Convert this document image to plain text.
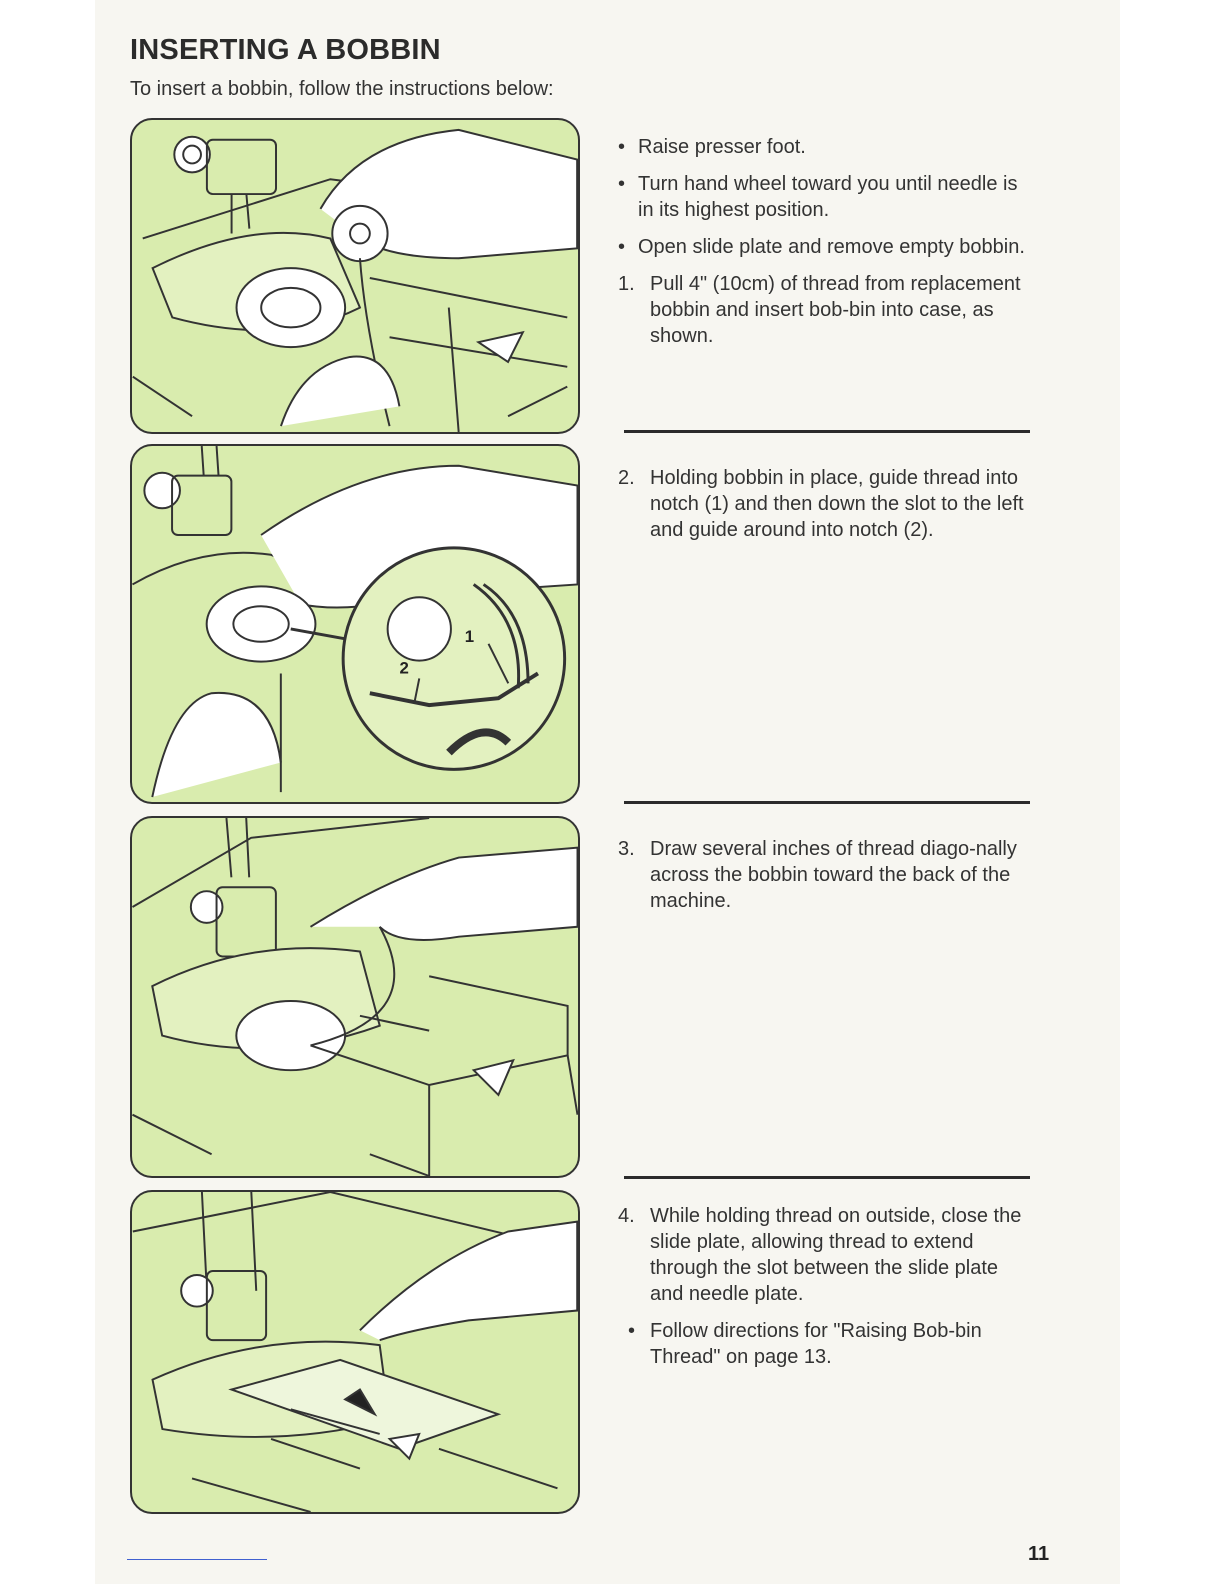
INSERTING A BOBBIN

To insert a bobbin, follow the instructions below:

1
2
• Raise presser foot.
• Turn hand wheel toward you until needle is in its highest position.
• Open slide plate and remove empty bobbin.
1. Pull 4" (10cm) of thread from replacement bobbin and insert bob-bin into case, as shown.
2. Holding bobbin in place, guide thread into notch (1) and then down the slot to the left and guide around into notch (2).
3. Draw several inches of thread diago-nally across the bobbin toward the back of the machine.
4. While holding thread on outside, close the slide plate, allowing thread to extend through the slot between the slide plate and needle plate.
• Follow directions for "Raising Bob-bin Thread" on page 13.
11
